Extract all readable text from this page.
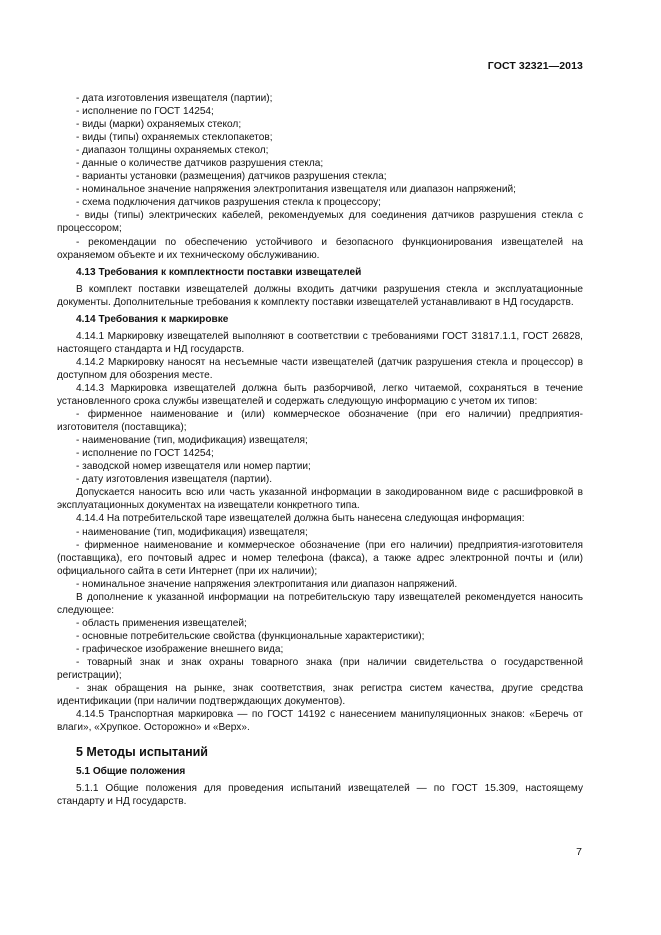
ГОСТ 32321—2013

- дата изготовления извещателя (партии);

- исполнение по ГОСТ 14254;

- виды (марки) охраняемых стекол;

- виды (типы) охраняемых стеклопакетов;

- диапазон толщины охраняемых стекол;

- данные о количестве датчиков разрушения стекла;

- варианты установки (размещения) датчиков разрушения стекла;

- номинальное значение напряжения электропитания извещателя или диапазон напряжений;

- схема подключения датчиков разрушения стекла к процессору;

- виды (типы) электрических кабелей, рекомендуемых для соединения датчиков разрушения стекла с процессором;

- рекомендации по обеспечению устойчивого и безопасного функционирования извещателей на охраняемом объекте и их техническому обслуживанию.

4.13 Требования к комплектности поставки извещателей

В комплект поставки извещателей должны входить датчики разрушения стекла и эксплуатационные документы. Дополнительные требования к комплекту поставки извещателей устанавливают в НД государств.

4.14 Требования к маркировке

4.14.1 Маркировку извещателей выполняют в соответствии с требованиями ГОСТ 31817.1.1, ГОСТ 26828, настоящего стандарта и НД государств.

4.14.2 Маркировку наносят на несъемные части извещателей (датчик разрушения стекла и процессор) в доступном для обозрения месте.

4.14.3 Маркировка извещателей должна быть разборчивой, легко читаемой, сохраняться в течение установленного срока службы извещателей и содержать следующую информацию с учетом их типов:

- фирменное наименование и (или) коммерческое обозначение (при его наличии) предприятия-изготовителя (поставщика);

- наименование (тип, модификация) извещателя;

- исполнение по ГОСТ 14254;

- заводской номер извещателя или номер партии;

- дату изготовления извещателя (партии).

Допускается наносить всю или часть указанной информации в закодированном виде с расшифровкой в эксплуатационных документах на извещатели конкретного типа.

4.14.4 На потребительской таре извещателей должна быть нанесена следующая информация:

- наименование (тип, модификация) извещателя;

- фирменное наименование и коммерческое обозначение (при его наличии) предприятия-изготовителя (поставщика), его почтовый адрес и номер телефона (факса), а также адрес электронной почты и (или) официального сайта в сети Интернет (при их наличии);

- номинальное значение напряжения электропитания или диапазон напряжений.

В дополнение к указанной информации на потребительскую тару извещателей рекомендуется наносить следующее:

- область применения извещателей;

- основные потребительские свойства (функциональные характеристики);

- графическое изображение внешнего вида;

- товарный знак и знак охраны товарного знака (при наличии свидетельства о государственной регистрации);

- знак обращения на рынке, знак соответствия, знак регистра систем качества, другие средства идентификации (при наличии подтверждающих документов).

4.14.5 Транспортная маркировка — по ГОСТ 14192 с нанесением манипуляционных знаков: «Беречь от влаги», «Хрупкое. Осторожно» и «Верх».

5 Методы испытаний

5.1 Общие положения

5.1.1 Общие положения для проведения испытаний извещателей — по ГОСТ 15.309, настоящему стандарту и НД государств.

7
